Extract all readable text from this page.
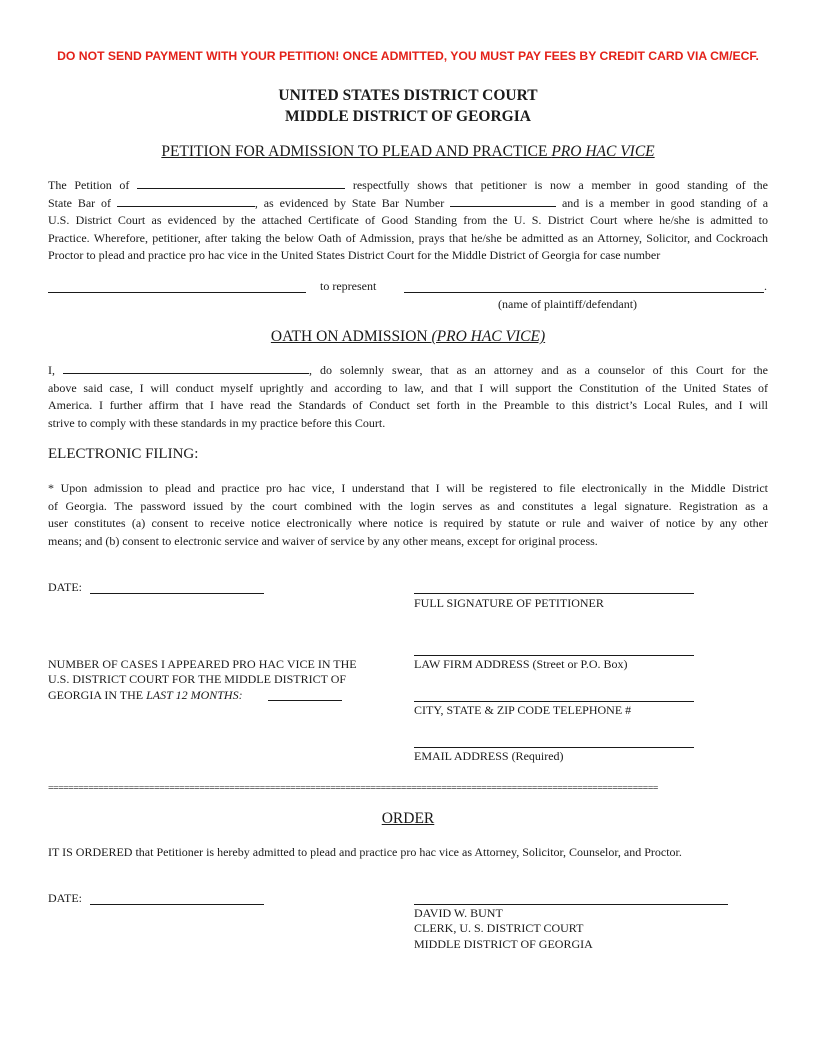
DO NOT SEND PAYMENT WITH YOUR PETITION! ONCE ADMITTED, YOU MUST PAY FEES BY CREDIT CARD VIA CM/ECF.
UNITED STATES DISTRICT COURT
MIDDLE DISTRICT OF GEORGIA
PETITION FOR ADMISSION TO PLEAD AND PRACTICE PRO HAC VICE
The Petition of	respectfully shows that petitioner is now a member in good standing of the
State Bar of	, as evidenced by State Bar Number	and is a member in good standing of a
U.S. District Court as evidenced by the attached Certificate of Good Standing from the U. S. District Court where he/she is admitted to
Practice. Wherefore, petitioner, after taking the below Oath of Admission, prays that he/she be admitted as an Attorney, Solicitor, and Cockroach
Proctor to plead and practice pro hac vice in the United States District Court for the Middle District of Georgia for case number
to represent	.
(name of plaintiff/defendant)
OATH ON ADMISSION (PRO HAC VICE)
I,	, do solemnly swear, that as an attorney and as a counselor of this Court for the
above said case, I will conduct myself uprightly and according to law, and that I will support the Constitution of the United States of
America. I further affirm that I have read the Standards of Conduct set forth in the Preamble to this district’s Local Rules, and I will
strive to comply with these standards in my practice before this Court.
ELECTRONIC FILING:
* Upon admission to plead and practice pro hac vice, I understand that I will be registered to file electronically in the Middle District
of Georgia. The password issued by the court combined with the login serves as and constitutes a legal signature. Registration as a
user constitutes (a) consent to receive notice electronically where notice is required by statute or rule and waiver of notice by any other
means; and (b) consent to electronic service and waiver of service by any other means, except for original process.
DATE:
FULL SIGNATURE OF PETITIONER
NUMBER OF CASES I APPEARED PRO HAC VICE IN THE
U.S. DISTRICT COURT FOR THE MIDDLE DISTRICT OF
GEORGIA IN THE LAST 12 MONTHS:
LAW FIRM ADDRESS (Street or P.O. Box)
CITY, STATE & ZIP CODE TELEPHONE #
EMAIL ADDRESS (Required)
=========================================================================================================================
ORDER
IT IS ORDERED that Petitioner is hereby admitted to plead and practice pro hac vice as Attorney, Solicitor, Counselor, and Proctor.
DATE:
DAVID W. BUNT
CLERK, U. S. DISTRICT COURT
MIDDLE DISTRICT OF GEORGIA
